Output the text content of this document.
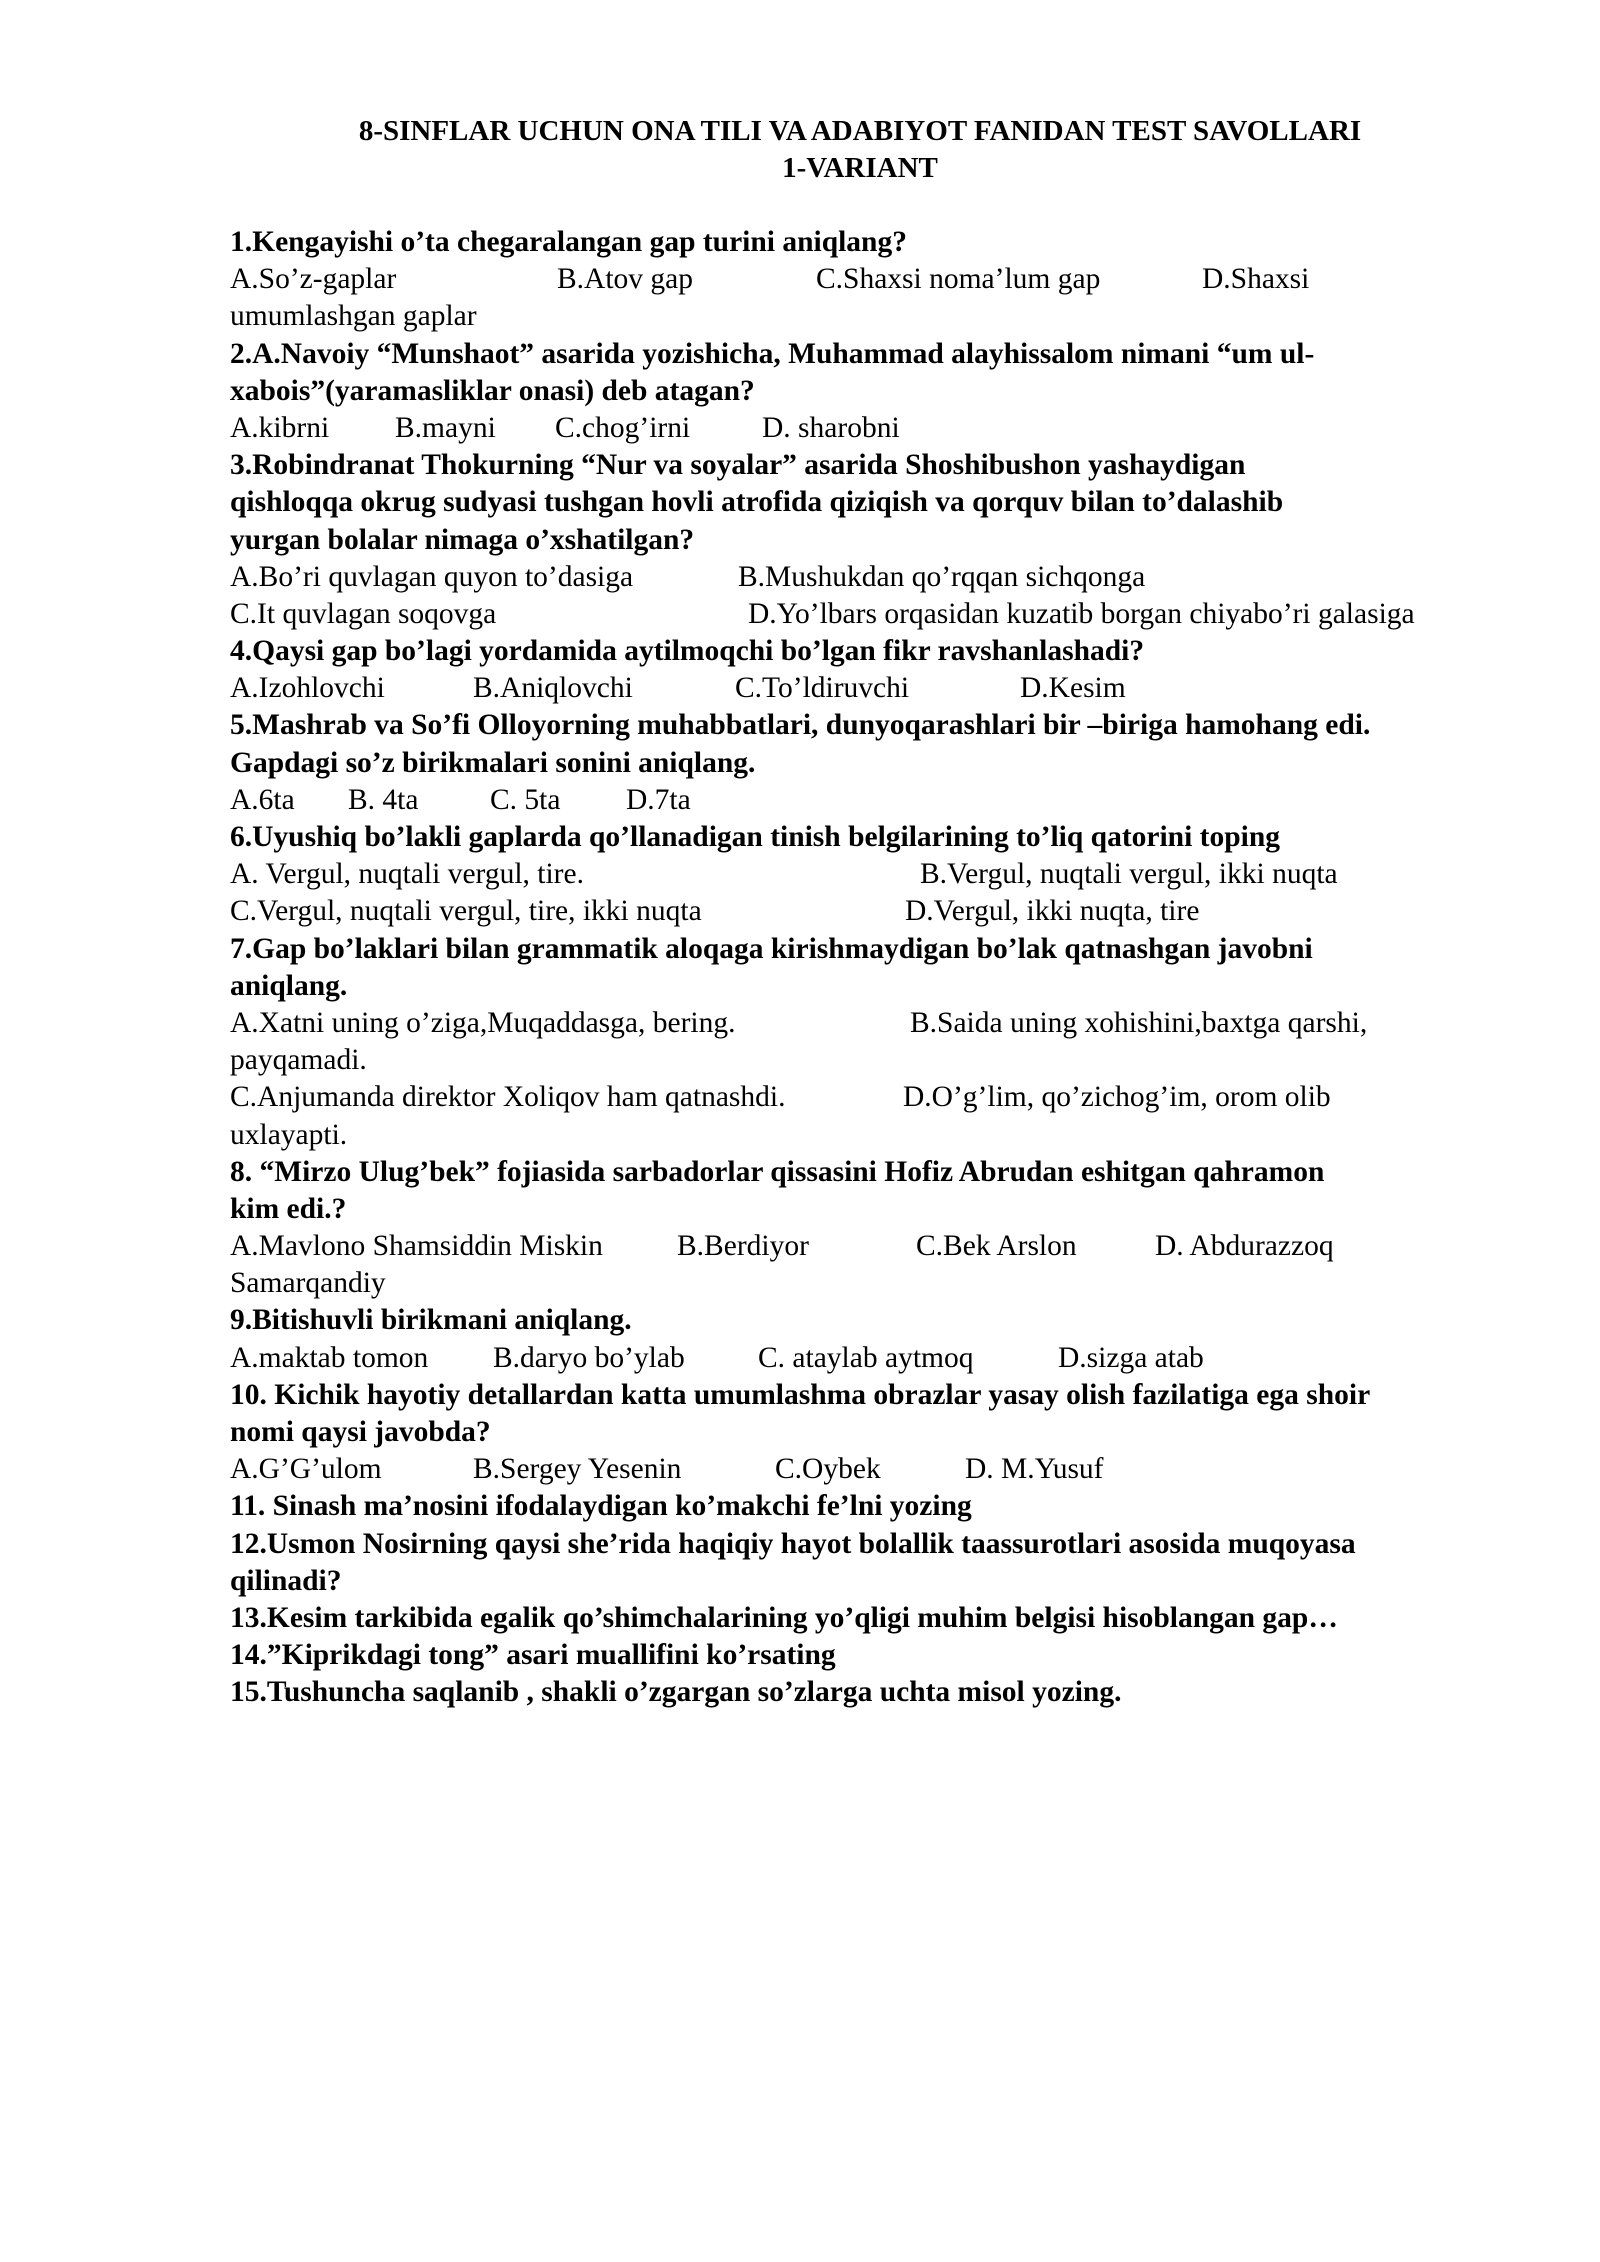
8-SINFLAR UCHUN ONA TILI VA ADABIYOT FANIDAN TEST SAVOLLARI
1-VARIANT
1.Kengayishi o’ta chegaralangan gap turini aniqlang?
A.So’z-gaplar	B.Atov gap	C.Shaxsi noma’lum gap	D.Shaxsi
umumlashgan gaplar
2.A.Navoiy “Munshaot” asarida yozishicha, Muhammad alayhissalom nimani “um ul-
xabois”(yaramasliklar onasi) deb atagan?
A.kibrni B.mayni C.chog’irni D. sharobni
3.Robindranat Thokurning “Nur va soyalar” asarida Shoshibushon yashaydigan
qishloqqa okrug sudyasi tushgan hovli atrofida qiziqish va qorquv bilan to’dalashib
yurgan bolalar nimaga o’xshatilgan?
A.Bo’ri quvlagan quyon to’dasiga	B.Mushukdan qo’rqqan sichqonga
C.It quvlagan soqovga	D.Yo’lbars orqasidan kuzatib borgan chiyabo’ri galasiga
4.Qaysi gap bo’lagi yordamida aytilmoqchi bo’lgan fikr ravshanlashadi?
A.Izohlovchi	B.Aniqlovchi	C.To’ldiruvchi	D.Kesim
5.Mashrab va So’fi Olloyorning muhabbatlari, dunyoqarashlari bir –biriga hamohang edi.
Gapdagi so’z birikmalari sonini aniqlang.
A.6ta B. 4ta C. 5ta D.7ta
6.Uyushiq bo’lakli gaplarda qo’llanadigan tinish belgilarining to’liq qatorini toping
A. Vergul, nuqtali vergul, tire.	B.Vergul, nuqtali vergul, ikki nuqta
C.Vergul, nuqtali vergul, tire, ikki nuqta	D.Vergul, ikki nuqta, tire
7.Gap bo’laklari bilan grammatik aloqaga kirishmaydigan bo’lak qatnashgan javobni
aniqlang.
A.Xatni uning o’ziga,Muqaddasga, bering.	B.Saida uning xohishini,baxtga qarshi,
payqamadi.
C.Anjumanda direktor Xoliqov ham qatnashdi.	D.O’g’lim, qo’zichog’im, orom olib
uxlayapti.
8. “Mirzo Ulug’bek” fojiasida sarbadorlar qissasini Hofiz Abrudan eshitgan qahramon
kim edi.?
A.Mavlono Shamsiddin Miskin	B.Berdiyor	C.Bek Arslon	D. Abdurazzoq
Samarqandiy
9.Bitishuvli birikmani aniqlang.
A.maktab tomon B.daryo bo’ylab C. ataylab aytmoq	D.sizga atab
10. Kichik hayotiy detallardan katta umumlashma obrazlar yasay olish fazilatiga ega shoir
nomi qaysi javobda?
A.G’G’ulom	B.Sergey Yesenin	C.Oybek	D. M.Yusuf
11. Sinash ma’nosini ifodalaydigan ko’makchi fe’lni yozing
12.Usmon Nosirning qaysi she’rida haqiqiy hayot bolallik taassurotlari asosida muqoyasa
qilinadi?
13.Kesim tarkibida egalik qo’shimchalarining yo’qligi muhim belgisi hisoblangan gap…
14.”Kiprikdagi tong” asari muallifini ko’rsating
15.Tushuncha saqlanib , shakli o’zgargan so’zlarga uchta misol yozing.
